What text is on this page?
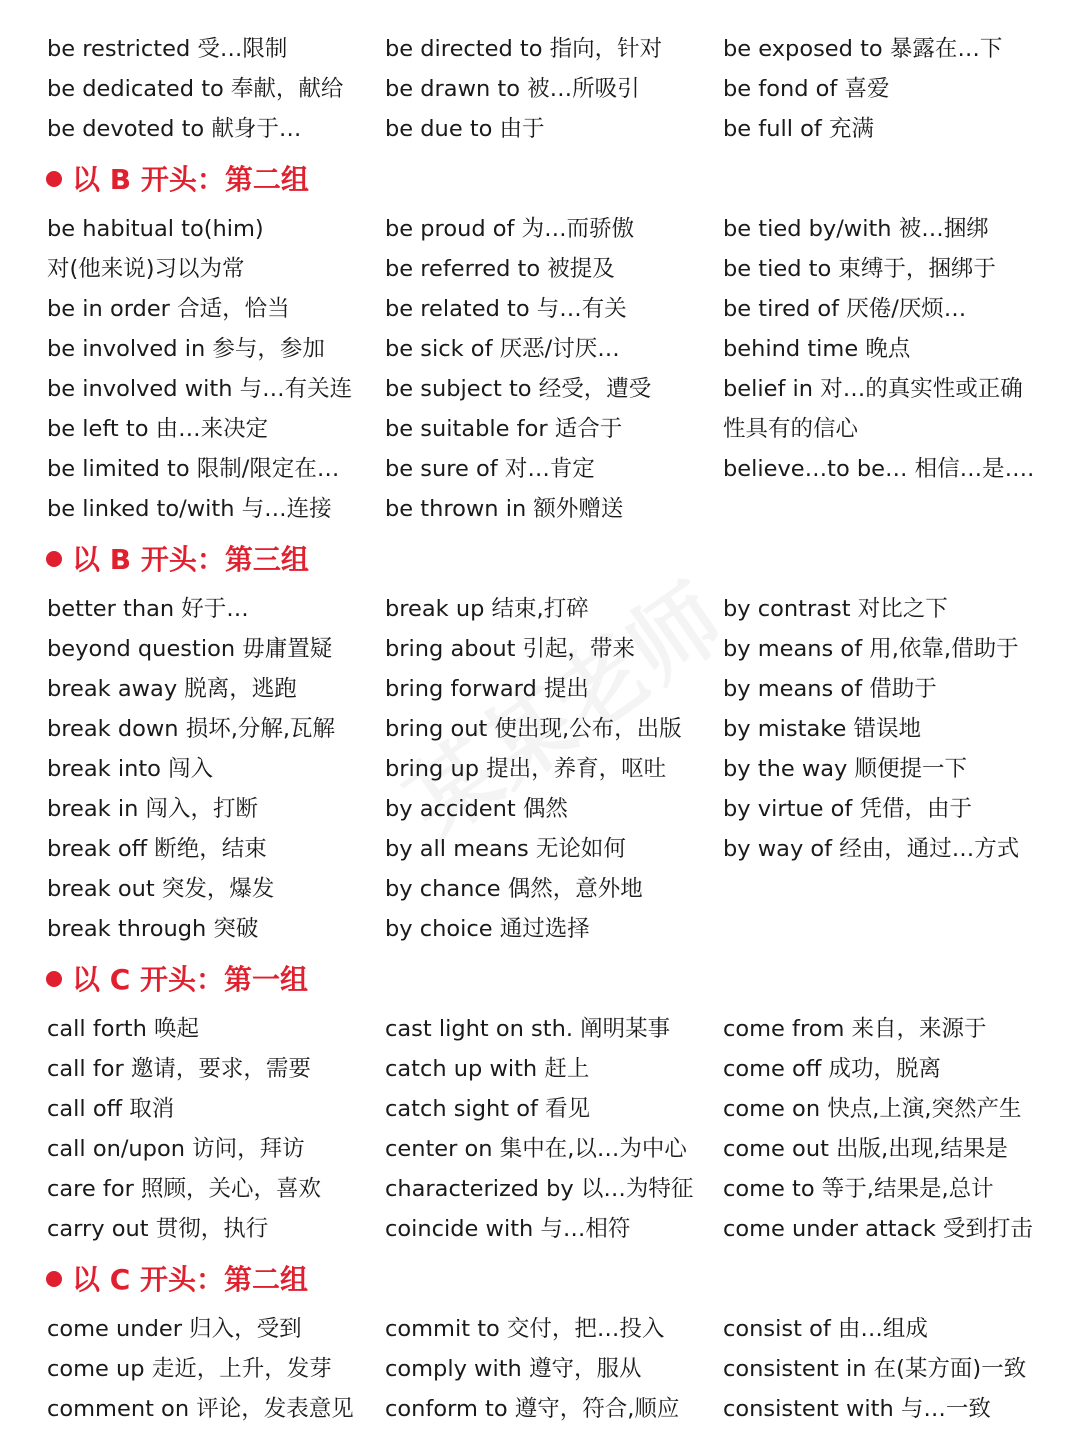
be restricted 受…限制
be dedicated to 奉献，献给
be devoted to 献身于…
be directed to 指向，针对
be drawn to 被…所吸引
be due to 由于
be exposed to 暴露在…下
be fond of 喜爱
be full of 充满
以 B 开头：第二组
be habitual to(him)
对(他来说)习以为常
be in order 合适，恰当
be involved in 参与，参加
be involved with 与…有关连
be left to 由…来决定
be limited to 限制/限定在…
be linked to/with 与…连接
be proud of 为…而骄傲
be referred to 被提及
be related to 与…有关
be sick of 厌恶/讨厌…
be subject to 经受，遭受
be suitable for 适合于
be sure of 对…肯定
be thrown in 额外赠送
be tied by/with 被…捆绑
be tied to 束缚于，捆绑于
be tired of 厌倦/厌烦…
behind time 晚点
belief in 对…的真实性或正确
性具有的信心
believe…to be… 相信…是….
以 B 开头：第三组
better than 好于…
beyond question 毋庸置疑
break away 脱离，逃跑
break down 损坏,分解,瓦解
break into 闯入
break in 闯入，打断
break off 断绝，结束
break out 突发，爆发
break through 突破
break up 结束,打碎
bring about 引起，带来
bring forward 提出
bring out 使出现,公布，出版
bring up 提出，养育，呕吐
by accident 偶然
by all means 无论如何
by chance 偶然，意外地
by choice 通过选择
by contrast 对比之下
by means of 用,依靠,借助于
by means of 借助于
by mistake 错误地
by the way 顺便提一下
by virtue of 凭借，由于
by way of 经由，通过…方式
以 C 开头：第一组
call forth 唤起
call for 邀请，要求，需要
call off 取消
call on/upon 访问，拜访
care for 照顾，关心，喜欢
carry out 贯彻，执行
cast light on sth. 阐明某事
catch up with 赶上
catch sight of 看见
center on 集中在,以…为中心
characterized by 以…为特征
coincide with 与…相符
come from 来自，来源于
come off 成功，脱离
come on 快点,上演,突然产生
come out 出版,出现,结果是
come to 等于,结果是,总计
come under attack 受到打击
以 C 开头：第二组
come under 归入，受到
come up 走近，上升，发芽
comment on 评论，发表意见
commit to 交付，把…投入
comply with 遵守，服从
conform to 遵守，符合,顺应
consist of 由…组成
consistent in 在(某方面)一致
consistent with 与…一致
